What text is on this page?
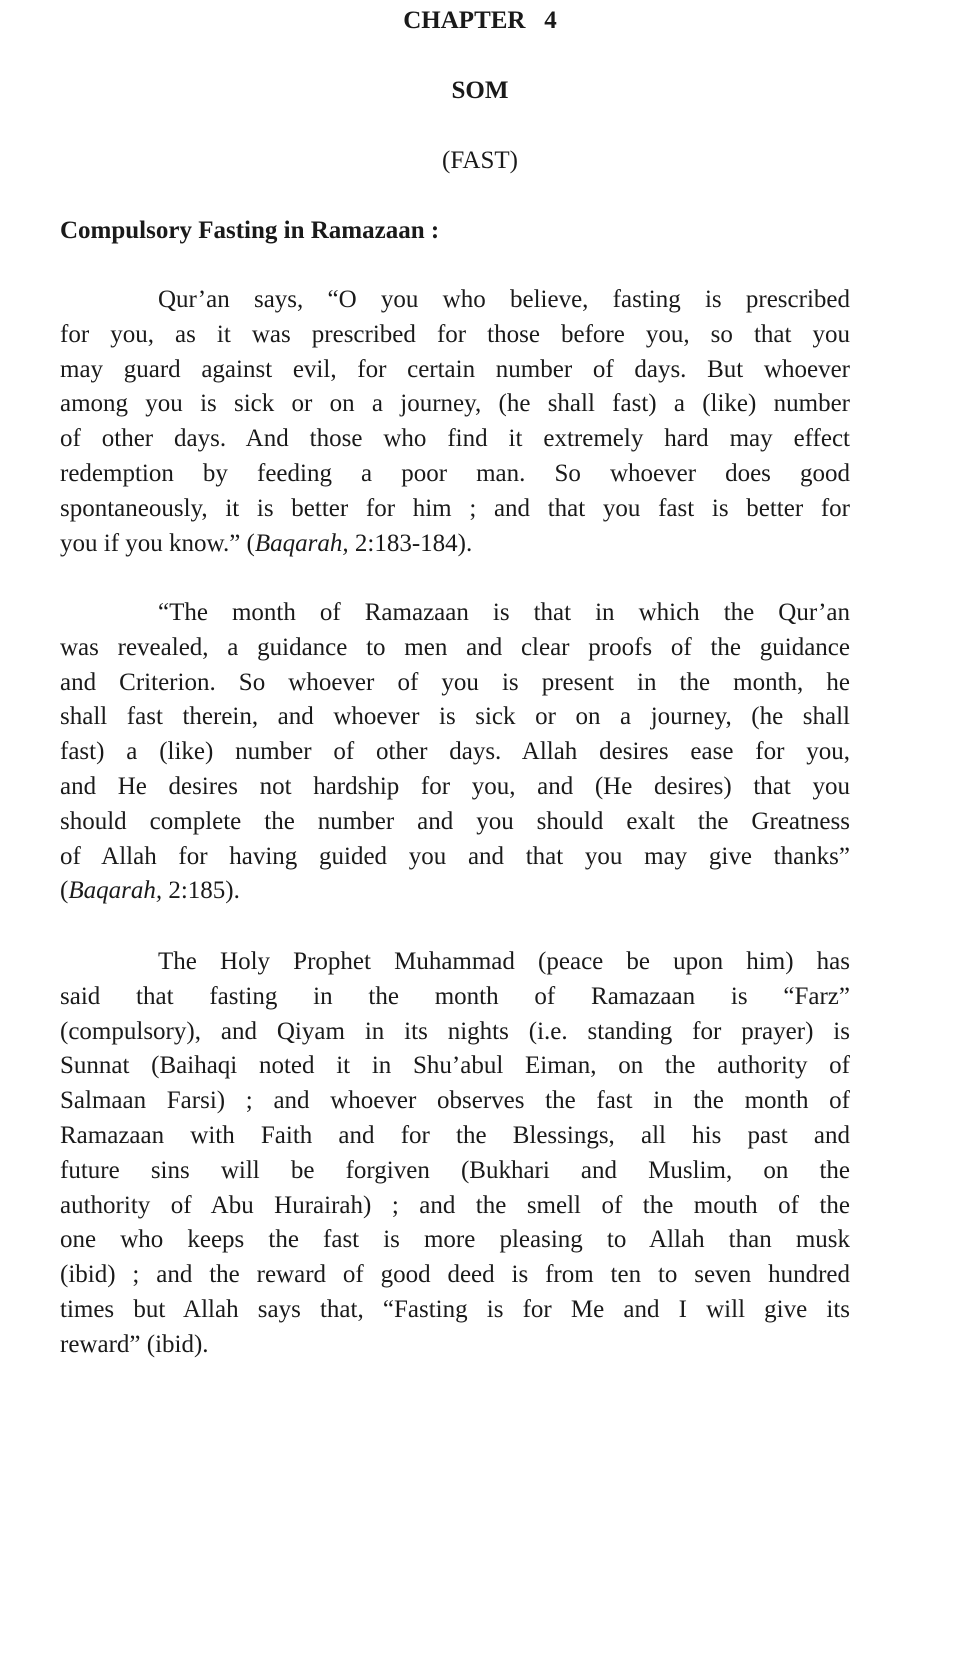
CHAPTER   4
SOM
(FAST)
Compulsory Fasting in Ramazaan :
Qur’an says, “O you who believe, fasting is prescribed
for you, as it was prescribed for those before you, so that you
may guard against evil, for certain number of days. But whoever
among you is sick or on a journey, (he shall fast) a (like) number
of other days. And those who find it extremely hard may effect
redemption by feeding a poor man. So whoever does good
spontaneously, it is better for him ; and that you fast is better for
you if you know.” (Baqarah, 2:183-184).
“The month of Ramazaan is that in which the Qur’an
was revealed, a guidance to men and clear proofs of the guidance
and Criterion. So whoever of you is present in the month, he
shall fast therein, and whoever is sick or on a journey, (he shall
fast) a (like) number of other days. Allah desires ease for you,
and He desires not hardship for you, and (He desires) that you
should complete the number and you should exalt the Greatness
of Allah for having guided you and that you may give thanks”
(Baqarah, 2:185).
The Holy Prophet Muhammad (peace be upon him) has
said that fasting in the month of Ramazaan is “Farz”
(compulsory), and Qiyam in its nights (i.e. standing for prayer) is
Sunnat (Baihaqi noted it in Shu’abul Eiman, on the authority of
Salmaan Farsi) ; and whoever observes the fast in the month of
Ramazaan with Faith and for the Blessings, all his past and
future sins will be forgiven (Bukhari and Muslim, on the
authority of Abu Hurairah) ; and the smell of the mouth of the
one who keeps the fast is more pleasing to Allah than musk
(ibid) ; and the reward of good deed is from ten to seven hundred
times but Allah says that, “Fasting is for Me and I will give its
reward” (ibid).
